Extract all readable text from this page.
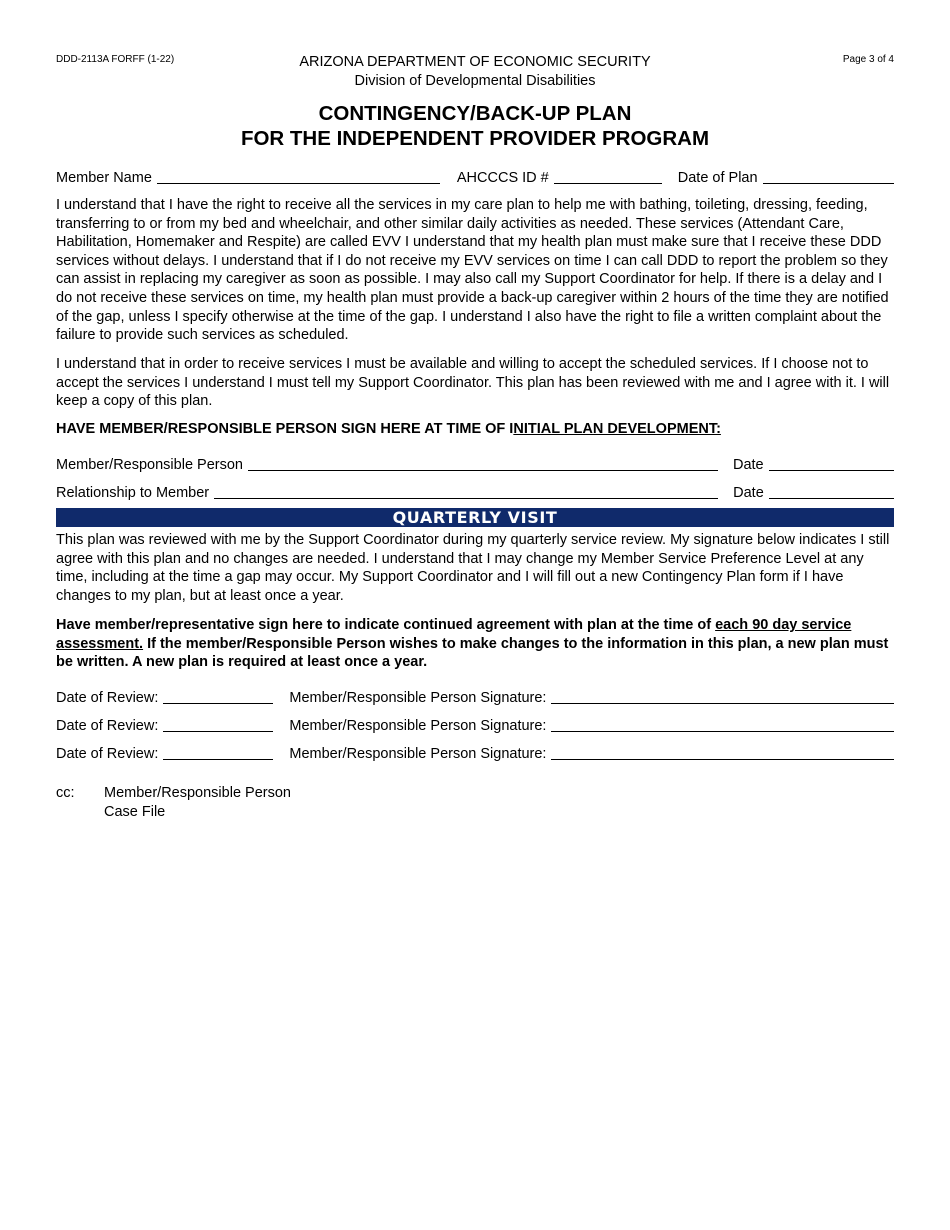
DDD-2113A FORFF (1-22)	ARIZONA DEPARTMENT OF ECONOMIC SECURITY
Division of Developmental Disabilities
Page 3 of 4
CONTINGENCY/BACK-UP PLAN
FOR THE INDEPENDENT PROVIDER PROGRAM
Member Name	AHCCCS ID #	Date of Plan

I understand that I have the right to receive all the services in my care plan to help me with bathing, toileting, dressing, feeding, transferring to or from my bed and wheelchair, and other similar daily activities as needed. These services (Attendant Care, Habilitation, Homemaker and Respite) are called EVV I understand that my health plan must make sure that I receive these DDD services without delays. I understand that if I do not receive my EVV services on time I can call DDD to report the problem so they can assist in replacing my caregiver as soon as possible. I may also call my Support Coordinator for help. If there is a delay and I do not receive these services on time, my health plan must provide a back-up caregiver within 2 hours of the time they are notified of the gap, unless I specify otherwise at the time of the gap. I understand I also have the right to file a written complaint about the failure to provide such services as scheduled.

I understand that in order to receive services I must be available and willing to accept the scheduled services. If I choose not to accept the services I understand I must tell my Support Coordinator. This plan has been reviewed with me and I agree with it. I will keep a copy of this plan.

HAVE MEMBER/RESPONSIBLE PERSON SIGN HERE AT TIME OF INITIAL PLAN DEVELOPMENT:

Member/Responsible Person	Date
Relationship to Member	Date
QUARTERLY VISIT

This plan was reviewed with me by the Support Coordinator during my quarterly service review. My signature below indicates I still agree with this plan and no changes are needed. I understand that I may change my Member Service Preference Level at any time, including at the time a gap may occur. My Support Coordinator and I will fill out a new Contingency Plan form if I have changes to my plan, but at least once a year.

Have member/representative sign here to indicate continued agreement with plan at the time of each 90 day service assessment. If the member/Responsible Person wishes to make changes to the information in this plan, a new plan must be written. A new plan is required at least once a year.

Date of Review:	Member/Responsible Person Signature:
Date of Review:	Member/Responsible Person Signature:
Date of Review:	Member/Responsible Person Signature:
cc: Member/Responsible Person
Case File
